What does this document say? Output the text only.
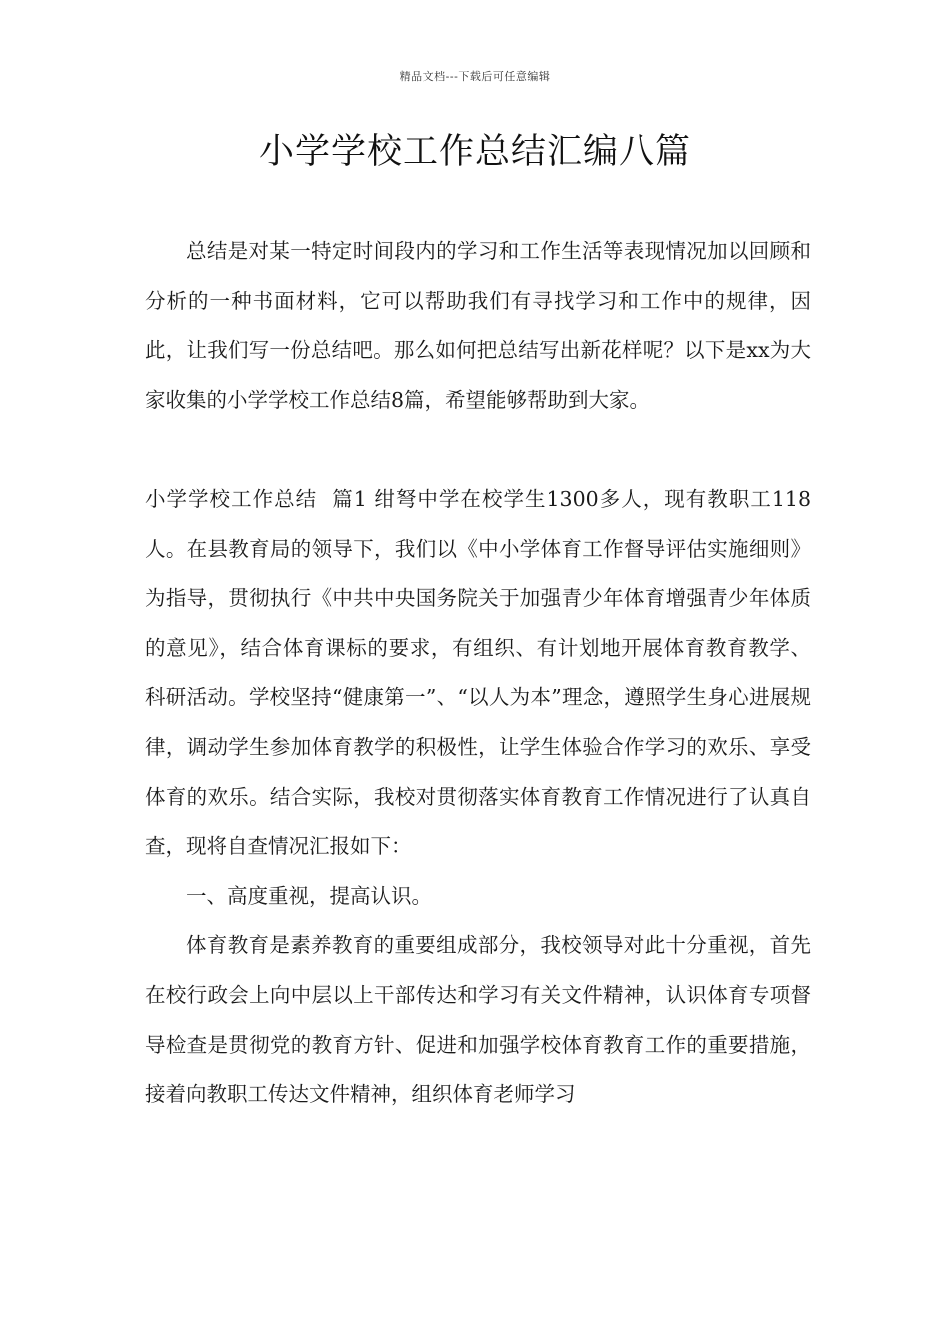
精品文档---下载后可任意编辑
小学学校工作总结汇编八篇

总结是对某一特定时间段内的学习和工作生活等表现情况加以回顾和分析的一种书面材料，它可以帮助我们有寻找学习和工作中的规律，因此，让我们写一份总结吧。那么如何把总结写出新花样呢？以下是xx为大家收集的小学学校工作总结8篇，希望能够帮助到大家。

小学学校工作总结  篇1 绀弩中学在校学生1300多人，现有教职工118人。在县教育局的领导下，我们以《中小学体育工作督导评估实施细则》为指导，贯彻执行《中共中央国务院关于加强青少年体育增强青少年体质的意见》，结合体育课标的要求，有组织、有计划地开展体育教育教学、科研活动。学校坚持“健康第一”、“以人为本”理念，遵照学生身心进展规律，调动学生参加体育教学的积极性，让学生体验合作学习的欢乐、享受体育的欢乐。结合实际，我校对贯彻落实体育教育工作情况进行了认真自查，现将自查情况汇报如下：

一、高度重视，提高认识。

体育教育是素养教育的重要组成部分，我校领导对此十分重视，首先在校行政会上向中层以上干部传达和学习有关文件精神，认识体育专项督导检查是贯彻党的教育方针、促进和加强学校体育教育工作的重要措施，接着向教职工传达文件精神，组织体育老师学习
